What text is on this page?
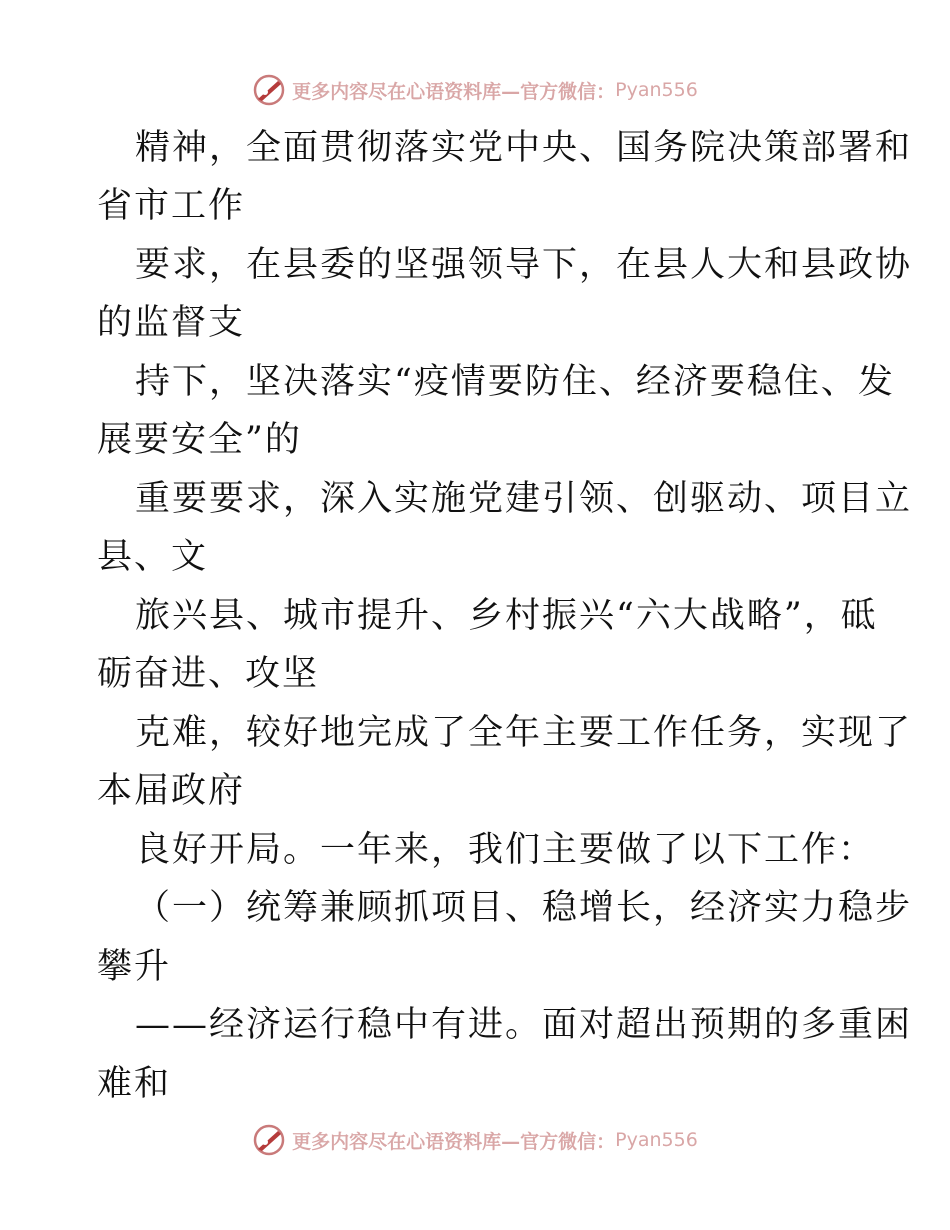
更多内容尽在心语资料库—官方微信： Pyan556
精神，全面贯彻落实党中央、国务院决策部署和
省市工作
要求，在县委的坚强领导下，在县人大和县政协
的监督支
持下，坚决落实“疫情要防住、经济要稳住、发
展要安全”的
重要要求，深入实施党建引领、创驱动、项目立
县、文
旅兴县、城市提升、乡村振兴“六大战略”，砥
砺奋进、攻坚
克难，较好地完成了全年主要工作任务，实现了
本届政府
良好开局。一年来，我们主要做了以下工作：
（一）统筹兼顾抓项目、稳增长，经济实力稳步
攀升
——经济运行稳中有进。面对超出预期的多重困
难和
更多内容尽在心语资料库—官方微信： Pyan556
